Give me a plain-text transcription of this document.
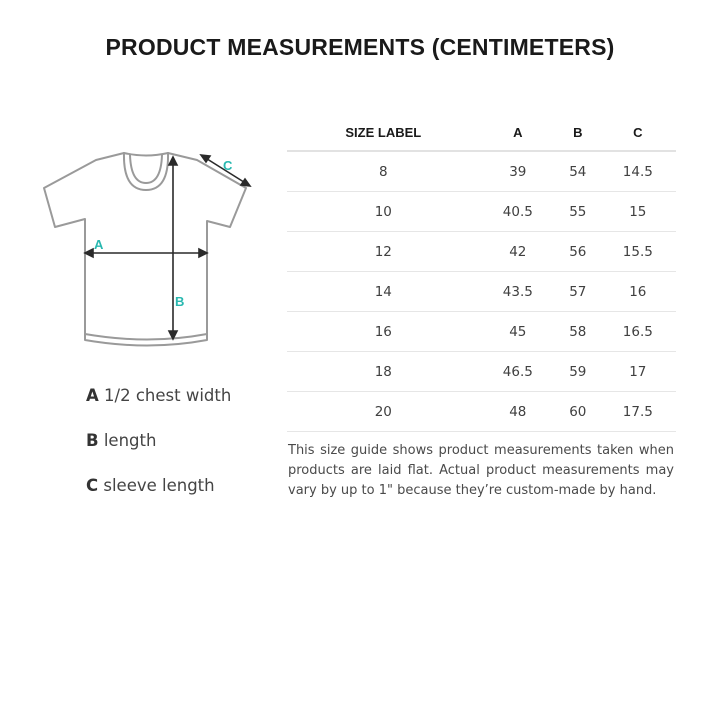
PRODUCT MEASUREMENTS (CENTIMETERS)
A
B
C
A 1/2 chest width
B length
C sleeve length
SIZE LABEL	A	B	C
8	39	54	14.5
10	40.5	55	15
12	42	56	15.5
14	43.5	57	16
16	45	58	16.5
18	46.5	59	17
20	48	60	17.5
This size guide shows product measurements taken when products are laid flat. Actual product measurements may vary by up to 1" because they’re custom-made by hand.
